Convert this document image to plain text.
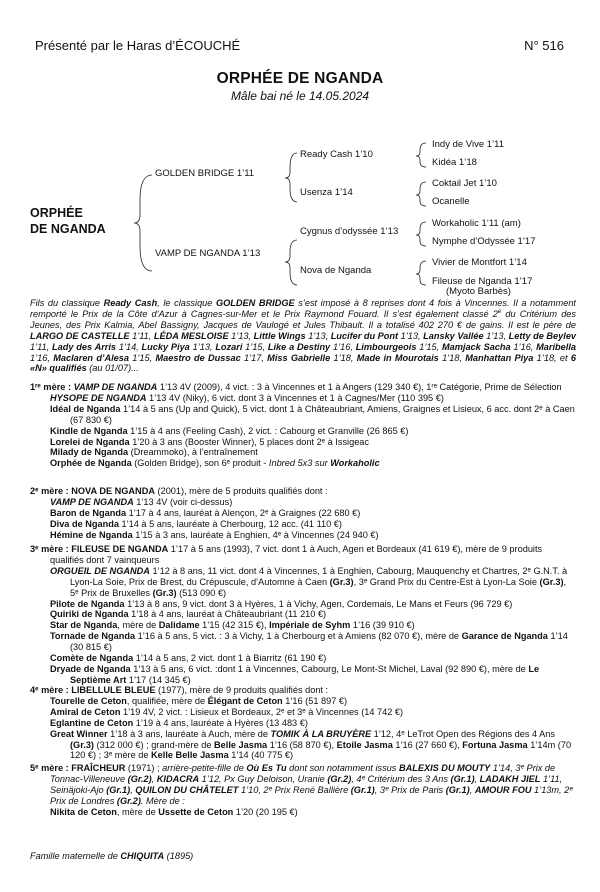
Présenté par le Haras d’ÉCOUCHÉ	N° 516
ORPHÉE DE NGANDA
Mâle bai né le 14.05.2024
ORPHÉE
DE NGANDA
GOLDEN BRIDGE 1’11
VAMP DE NGANDA 1’13
Ready Cash 1’10
Usenza 1’14
Cygnus d’odyssée 1’13
Nova de Nganda
Indy de Vive 1’11
Kidéa 1’18
Coktail Jet 1’10
Ocanelle
Workaholic 1’11 (am)
Nymphe d’Odyssée 1’17
Vivier de Montfort 1’14
Fileuse de Nganda 1’17
(Myoto Barbès)
Fils du classique Ready Cash, le classique GOLDEN BRIDGE s’est imposé à 8 reprises dont 4 fois à Vincennes. Il a notamment remporté le Prix de la Côte d’Azur à Cagnes-sur-Mer et le Prix Raymond Fouard. Il s’est également classé 2e du Critérium des Jeunes, des Prix Kalmia, Abel Bassigny, Jacques de Vaulogé et Jules Thibault. Il a totalisé 402 270 € de gains. Il est le père de LARGO DE CASTELLE 1’11, LÉDA MESLOISE 1’13, Little Wings 1’13, Lucifer du Pont 1’13, Lansky Vallée 1’13, Letty de Beylev 1’11, Lady des Arris 1’14, Lucky Piya 1’13, Lozari 1’15, Like a Destiny 1’16, Limbourgeois 1’15, Mamjack Sacha 1’16, Maribella 1’16, Maclaren d’Alesa 1’15, Maestro de Dussac 1’17, Miss Gabrielle 1’18, Made in Mourotais 1’18, Manhattan Piya 1’18, et 6 «N» qualifiés (au 01/07)...

1ʳᵉ mère : VAMP DE NGANDA 1’13 4V (2009), 4 vict. : 3 à Vincennes et 1 à Angers (129 340 €), 1ʳᵉ Catégorie, Prime de Sélection

HYSOPE DE NGANDA 1’13 4V (Niky), 6 vict. dont 3 à Vincennes et 1 à Cagnes/Mer (110 395 €)

Idéal de Nganda 1’14 à 5 ans (Up and Quick), 5 vict. dont 1 à Châteaubriant, Amiens, Graignes et Lisieux, 6 acc. dont 2ᵉ à Caen (67 830 €)

Kindle de Nganda 1’15 à 4 ans (Feeling Cash), 2 vict. : Cabourg et Granville (26 865 €)

Lorelei de Nganda 1’20 à 3 ans (Booster Winner), 5 places dont 2ᵉ à Issigeac

Milady de Nganda (Dreammoko), à l’entraînement

Orphée de Nganda (Golden Bridge), son 6ᵉ produit - Inbred 5x3 sur Workaholic

2ᵉ mère : NOVA DE NGANDA (2001), mère de 5 produits qualifiés dont :

VAMP DE NGANDA 1’13 4V (voir ci-dessus)

Baron de Nganda 1’17 à 4 ans, lauréat à Alençon, 2ᵉ à Graignes (22 680 €)

Diva de Nganda 1’14 à 5 ans, lauréate à Cherbourg, 12 acc. (41 110 €)

Hémine de Nganda 1’15 à 3 ans, lauréate à Enghien, 4ᵉ à Vincennes (24 940 €)

3ᵉ mère : FILEUSE DE NGANDA 1’17 à 5 ans (1993), 7 vict. dont 1 à Auch, Agen et Bordeaux (41 619 €), mère de 9 produits qualifiés dont 7 vainqueurs

ORGUEIL DE NGANDA 1’12 à 8 ans, 11 vict. dont 4 à Vincennes, 1 à Enghien, Cabourg, Mauquenchy et Chartres, 2ᵉ G.N.T. à Lyon-La Soie, Prix de Brest, du Crépuscule, d’Automne à Caen (Gr.3), 3ᵉ Grand Prix du Centre-Est à Lyon-La Soie (Gr.3), 5ᵉ Prix de Bruxelles (Gr.3) (513 090 €)

Pilote de Nganda 1’13 à 8 ans, 9 vict. dont 3 à Hyères, 1 à Vichy, Agen, Cordemais, Le Mans et Feurs (96 729 €)

Quiriki de Nganda 1’18 à 4 ans, lauréat à Châteaubriant (11 210 €)

Star de Nganda, mère de Dalidame 1’15 (42 315 €), Impériale de Syhm 1’16 (39 910 €)

Tornade de Nganda 1’16 à 5 ans, 5 vict. : 3 à Vichy, 1 à Cherbourg et à Amiens (82 070 €), mère de Garance de Nganda 1’14 (30 815 €)

Comète de Nganda 1’14 à 5 ans, 2 vict. dont 1 à Biarritz (61 190 €)

Dryade de Nganda 1’13 à 5 ans, 6 vict. :dont 1 à Vincennes, Cabourg, Le Mont-St Michel, Laval (92 890 €), mère de Le Septième Art 1’17 (14 345 €)

4ᵉ mère : LIBELLULE BLEUE (1977), mère de 9 produits qualifiés dont :

Tourelle de Ceton, qualifiée, mère de Élégant de Ceton 1’16 (51 897 €)

Amiral de Ceton 1’19 4V, 2 vict. : Lisieux et Bordeaux, 2ᵉ et 3ᵉ à Vincennes (14 742 €)

Eglantine de Ceton 1’19 à 4 ans, lauréate à Hyères (13 483 €)

Great Winner 1’18 à 3 ans, lauréate à Auch, mère de TOMIK À LA BRUYÈRE 1’12, 4ᵉ LeTrot Open des Régions des 4 Ans (Gr.3) (312 000 €) ; grand-mère de Belle Jasma 1’16 (58 870 €), Etoile Jasma 1’16 (27 660 €), Fortuna Jasma 1’14m (70 120 €) ; 3ᵉ mère de Kelle Belle Jasma 1’14 (40 775 €)

5ᵉ mère : FRAÎCHEUR (1971) ; arrière-petite-fille de Où Es Tu dont son notamment issus BALEXIS DU MOUTY 1’14, 3ᵉ Prix de Tonnac-Villeneuve (Gr.2), KIDACRA 1’12, Px Guy Deloison, Uranie (Gr.2), 4ᵉ Critérium des 3 Ans (Gr.1), LADAKH JIEL 1’11, Seinäjoki-Ajo (Gr.1), QUILON DU CHÂTELET 1’10, 2ᵉ Prix René Ballière (Gr.1), 3ᵉ Prix de Paris (Gr.1), AMOUR FOU 1’13m, 2ᵉ Prix de Londres (Gr.2). Mère de :

Nikita de Ceton, mère de Ussette de Ceton 1’20 (20 195 €)

Famille maternelle de CHIQUITA (1895)
